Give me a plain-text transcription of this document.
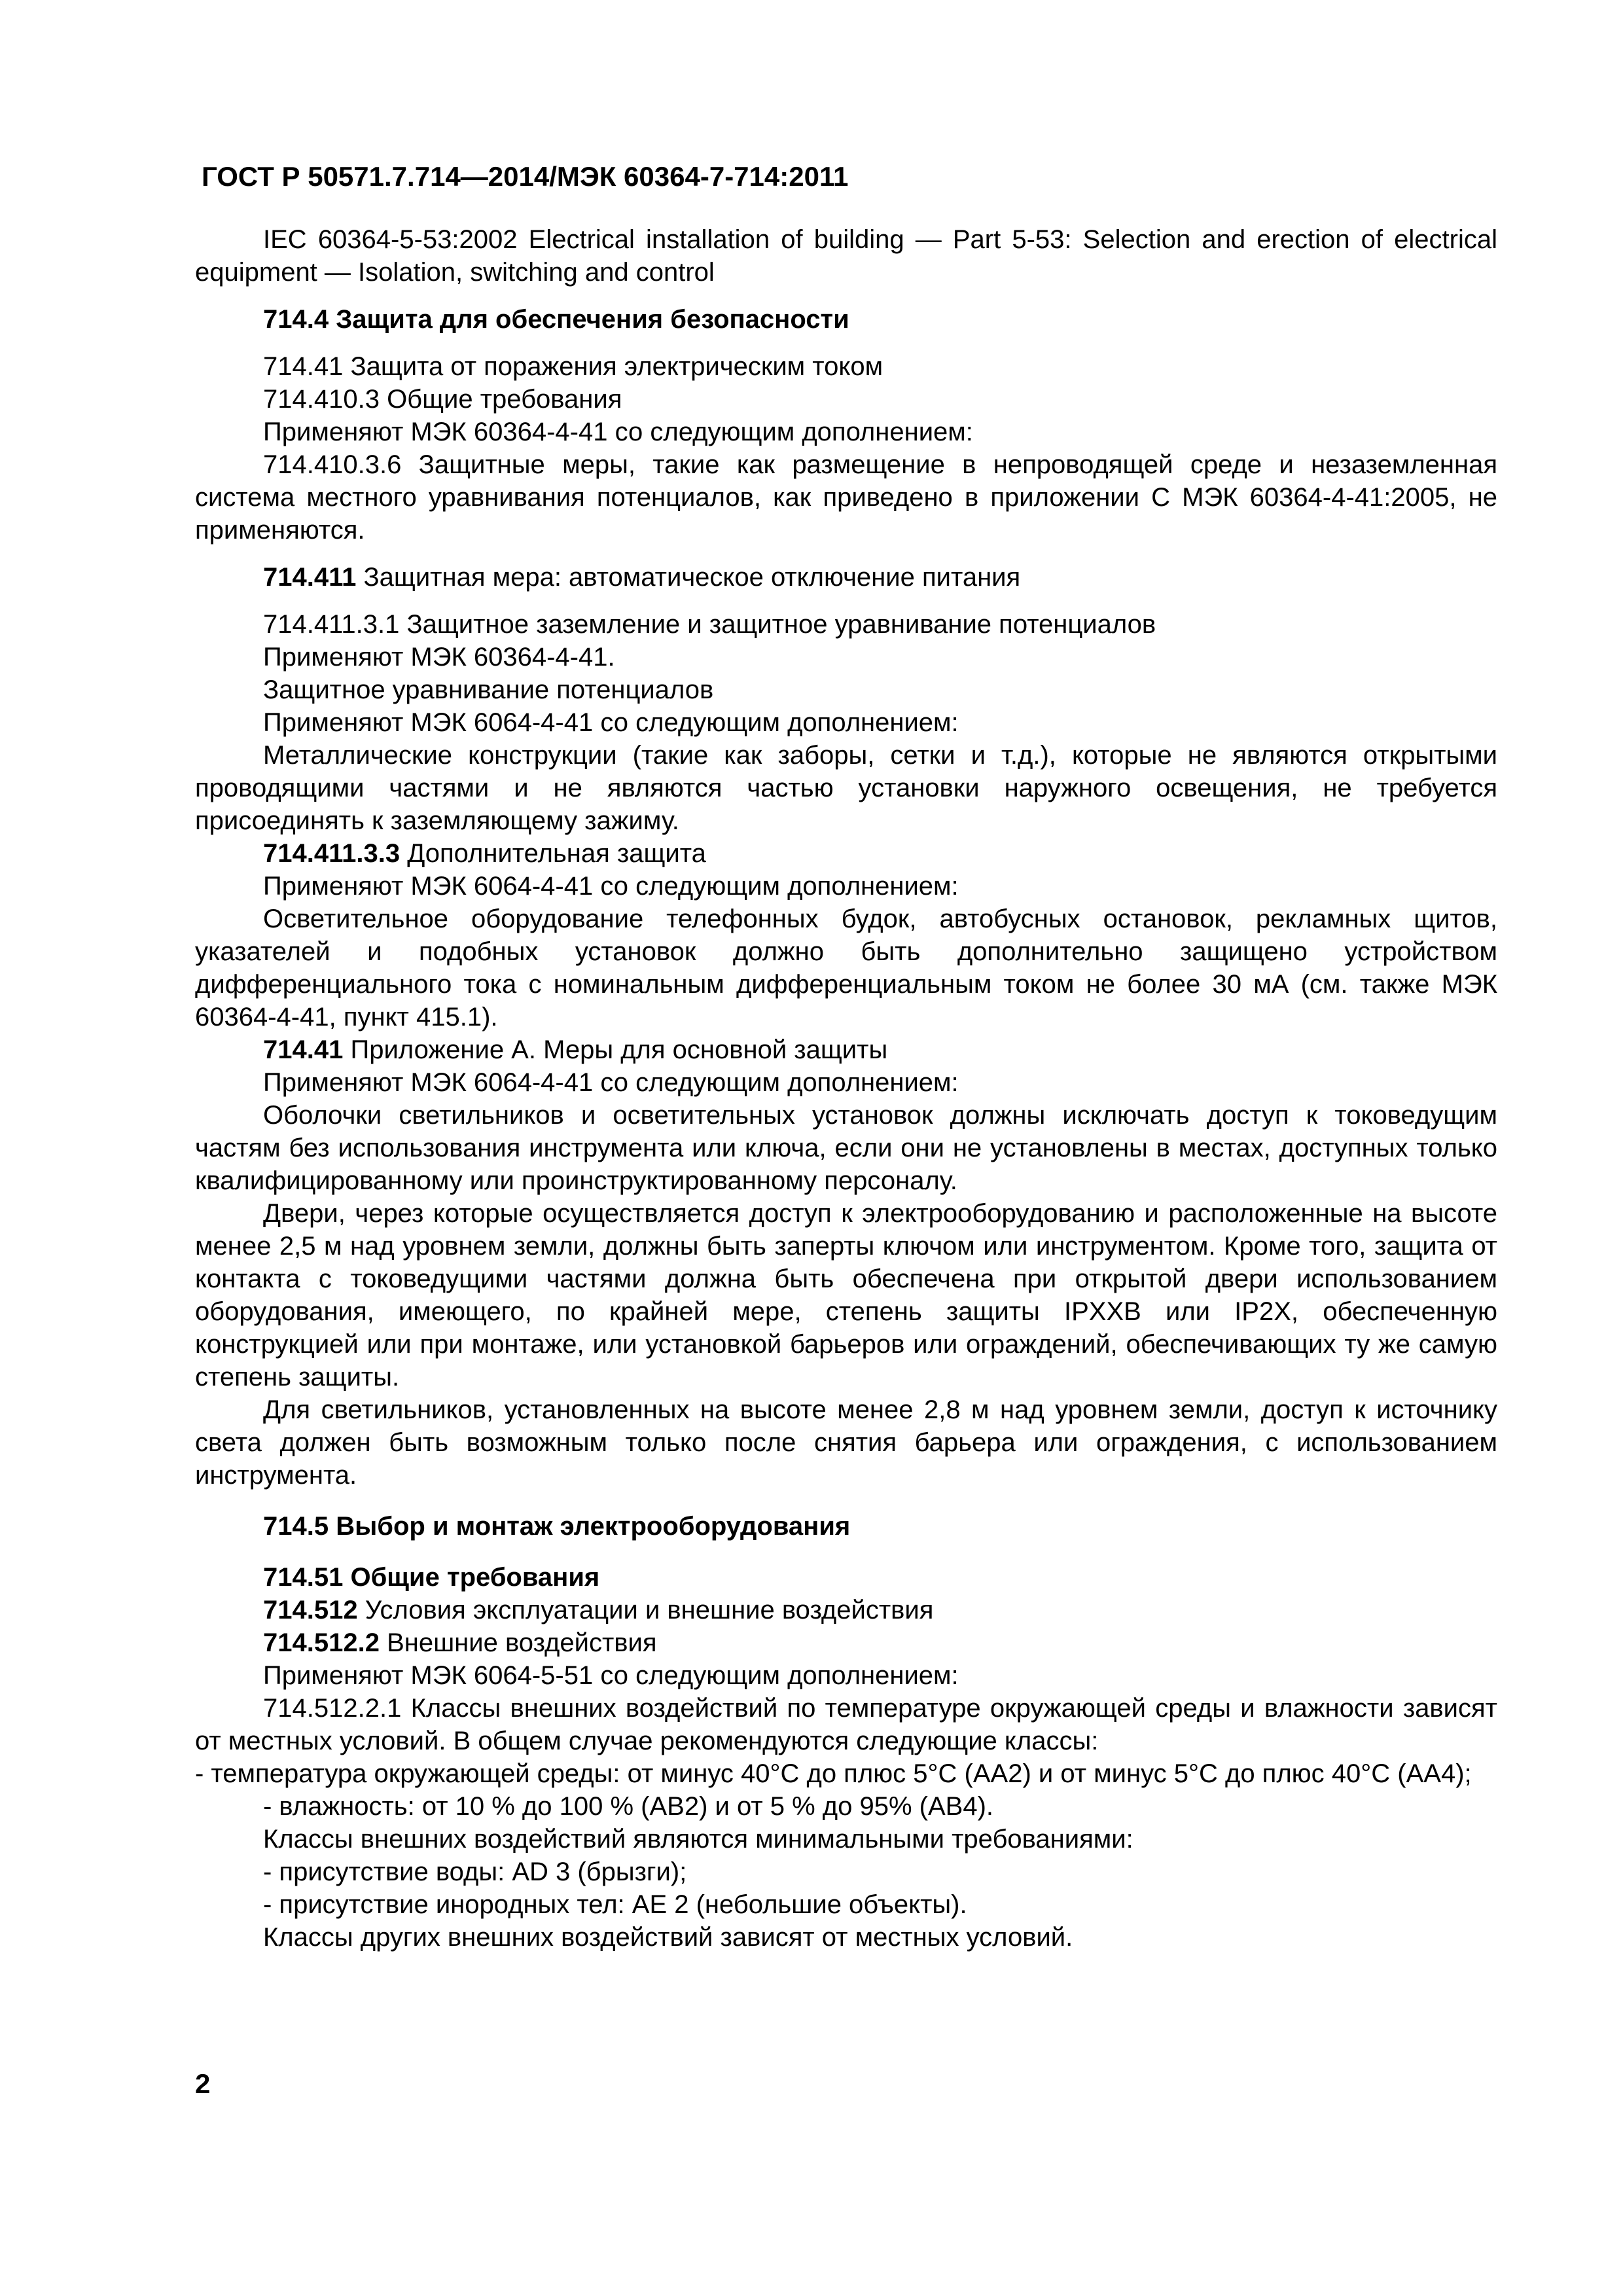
ГОСТ Р 50571.7.714—2014/МЭК 60364-7-714:2011

IEC 60364-5-53:2002 Electrical installation of building — Part 5-53: Selection and erection of electrical equipment — Isolation, switching and control

714.4 Защита для обеспечения безопасности

714.41 Защита от поражения электрическим током

714.410.3 Общие требования

Применяют МЭК 60364-4-41 со следующим дополнением:

714.410.3.6 Защитные меры, такие как размещение в непроводящей среде и незаземленная система местного уравнивания потенциалов, как приведено в приложении С МЭК 60364-4-41:2005, не применяются.

714.411 Защитная мера: автоматическое отключение питания

714.411.3.1 Защитное заземление и защитное уравнивание потенциалов

Применяют МЭК 60364-4-41.

Защитное уравнивание потенциалов

Применяют МЭК 6064-4-41 со следующим дополнением:

Металлические конструкции (такие как заборы, сетки и т.д.), которые не являются открытыми проводящими частями и не являются частью установки наружного освещения, не требуется присоединять к заземляющему зажиму.

714.411.3.3 Дополнительная защита

Применяют МЭК 6064-4-41 со следующим дополнением:

Осветительное оборудование телефонных будок, автобусных остановок, рекламных щитов, указателей и подобных установок должно быть дополнительно защищено устройством дифференциального тока с номинальным дифференциальным током не более 30 мА (см. также МЭК 60364-4-41, пункт 415.1).

714.41 Приложение А. Меры для основной защиты

Применяют МЭК 6064-4-41 со следующим дополнением:

Оболочки светильников и осветительных установок должны исключать доступ к токоведущим частям без использования инструмента или ключа, если они не установлены в местах, доступных только квалифицированному или проинструктированному персоналу.

Двери, через которые осуществляется доступ к электрооборудованию и расположенные на высоте менее 2,5 м над уровнем земли, должны быть заперты ключом или инструментом. Кроме того, защита от контакта с токоведущими частями должна быть обеспечена при открытой двери использованием оборудования, имеющего, по крайней мере, степень защиты IPXXB или IP2X, обеспеченную конструкцией или при монтаже, или установкой барьеров или ограждений, обеспечивающих ту же самую степень защиты.

Для светильников, установленных на высоте менее 2,8 м над уровнем земли, доступ к источнику света должен быть возможным только после снятия барьера или ограждения, с использованием инструмента.

714.5 Выбор и монтаж электрооборудования

714.51 Общие требования

714.512 Условия эксплуатации и внешние воздействия

714.512.2 Внешние воздействия

Применяют МЭК 6064-5-51 со следующим дополнением:

714.512.2.1 Классы внешних воздействий по температуре окружающей среды и влажности зависят от местных условий. В общем случае рекомендуются следующие классы:

- температура окружающей среды: от минус 40°С до плюс 5°С (АА2) и от минус 5°С до плюс 40°С (АА4);

- влажность: от 10 % до 100 % (АВ2) и от 5 % до 95% (АВ4).

Классы внешних воздействий являются минимальными требованиями:

- присутствие воды: AD 3 (брызги);

- присутствие инородных тел: АЕ 2 (небольшие объекты).

Классы других внешних воздействий зависят от местных условий.

2
